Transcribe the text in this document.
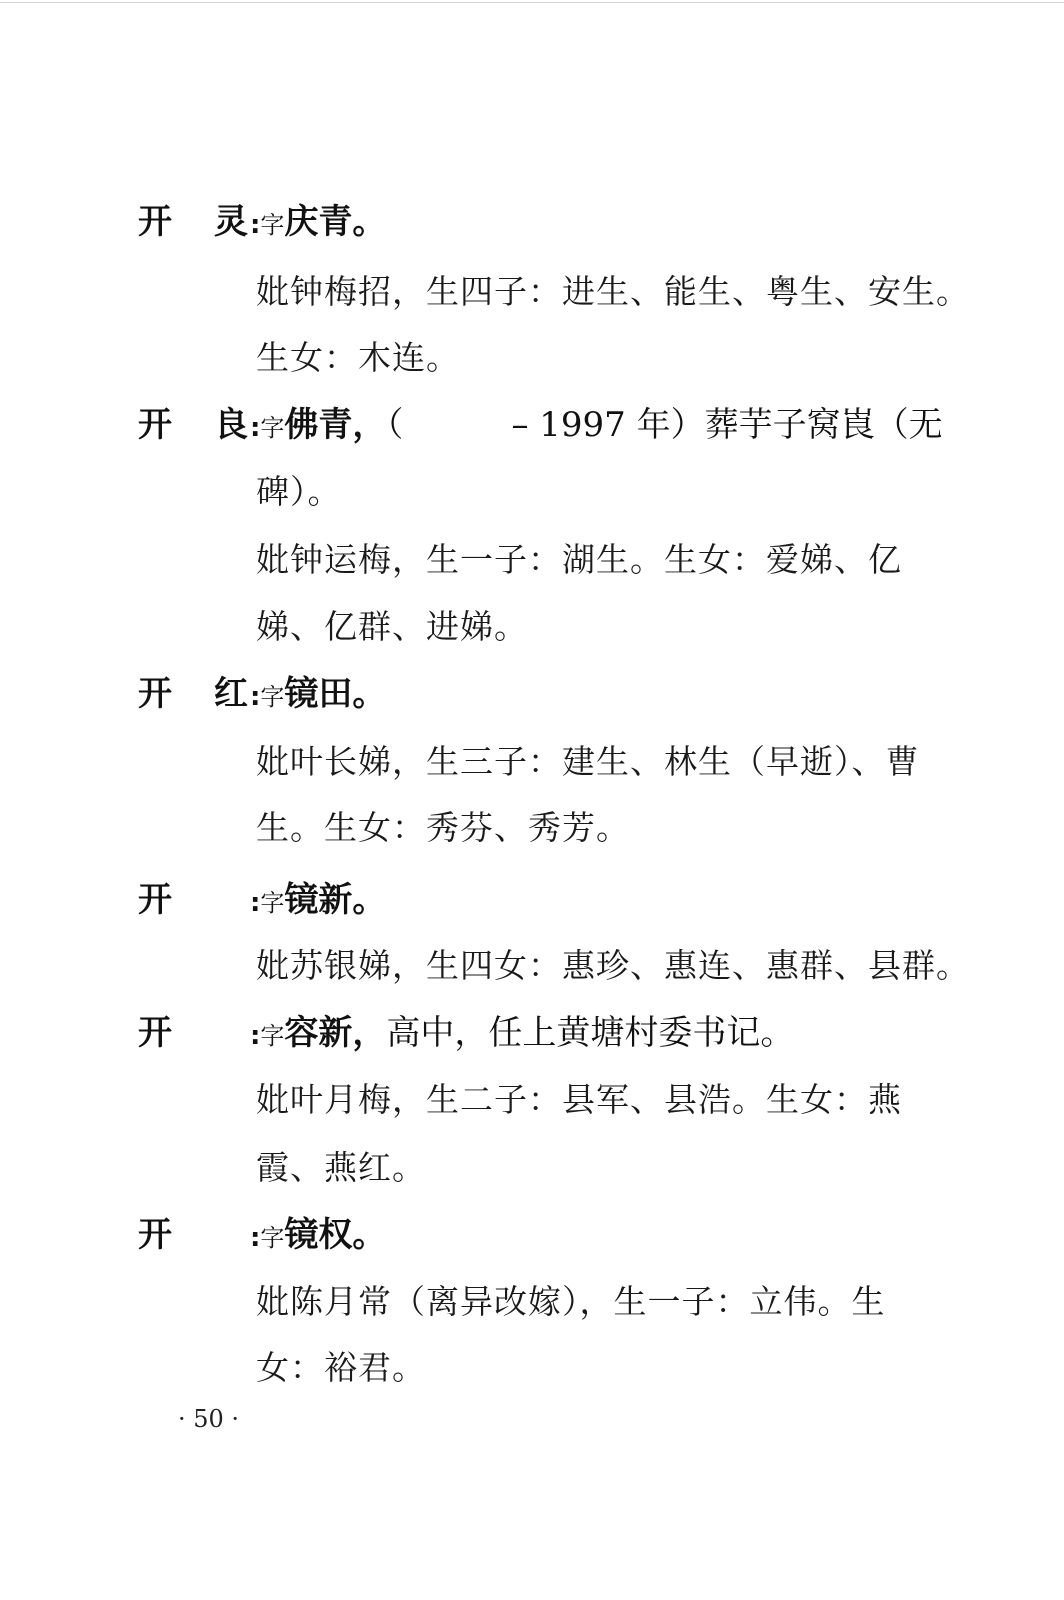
开 灵:字庆青。
妣钟梅招，生四子：进生、能生、粤生、安生。
生女：木连。
开 良:字佛青，（          – 1997 年）葬芋子窝崀（无
碑）。
妣钟运梅，生一子：湖生。生女：爱娣、亿
娣、亿群、进娣。
开 红:字镜田。
妣叶长娣，生三子：建生、林生（早逝）、曹
生。生女：秀芬、秀芳。
开	:字镜新。
妣苏银娣，生四女：惠珍、惠连、惠群、县群。
开	:字容新，高中，任上黄塘村委书记。
妣叶月梅，生二子：县军、县浩。生女：燕
霞、燕红。
开	:字镜权。
妣陈月常（离异改嫁），生一子：立伟。生
女：裕君。
· 50 ·
